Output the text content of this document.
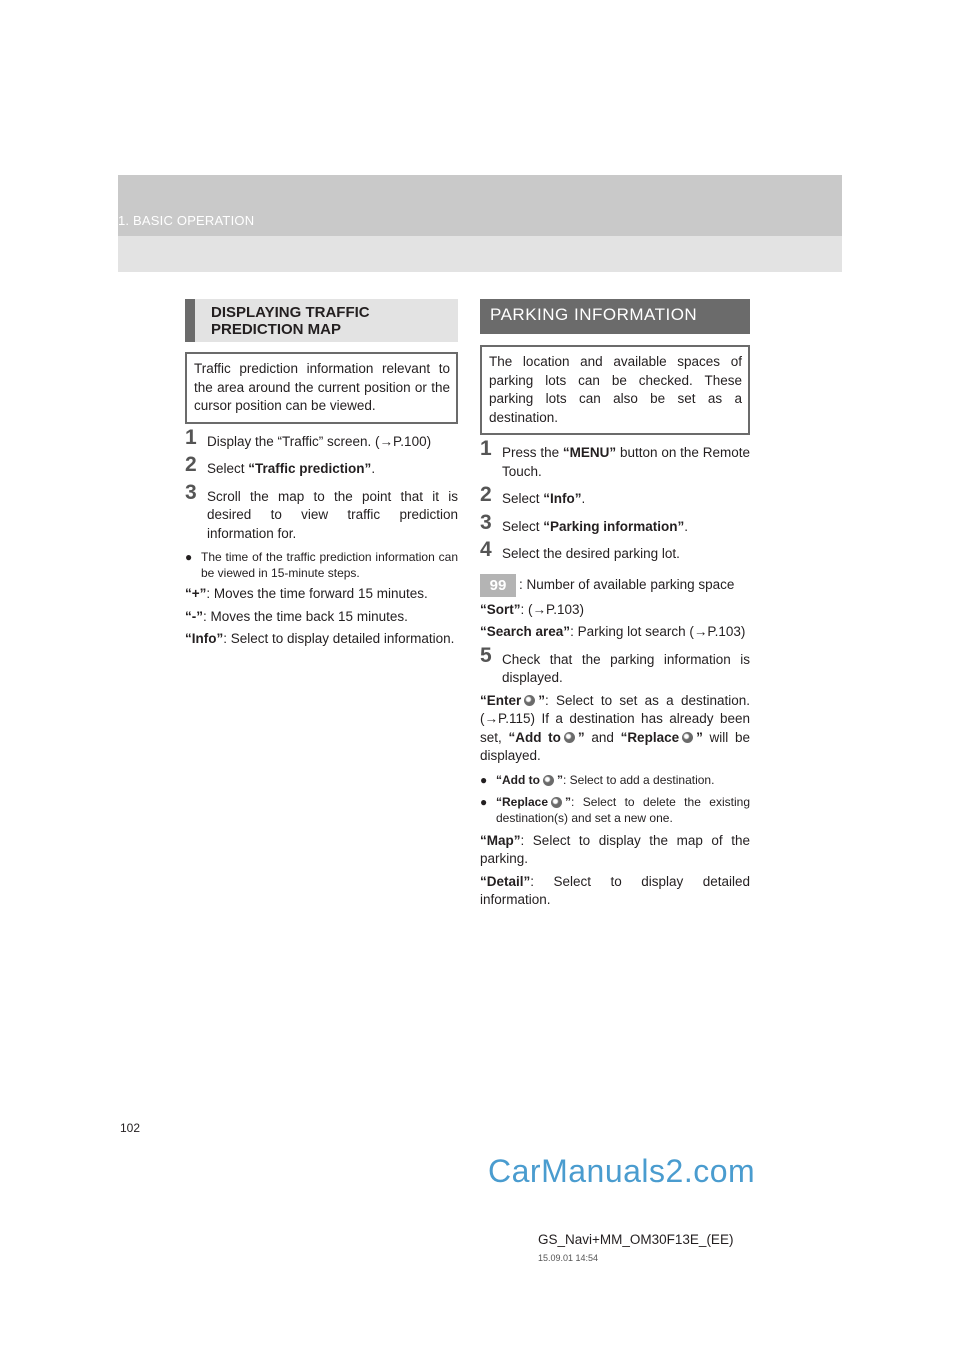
1. BASIC OPERATION
DISPLAYING TRAFFIC PREDICTION MAP
Traffic prediction information relevant to the area around the current position or the cursor position can be viewed.
1 Display the “Traffic” screen. (→P.100)
2 Select “Traffic prediction”.
3 Scroll the map to the point that it is desired to view traffic prediction information for.
● The time of the traffic prediction information can be viewed in 15-minute steps.
“+”: Moves the time forward 15 minutes.
“-”: Moves the time back 15 minutes.
“Info”: Select to display detailed information.
PARKING INFORMATION
The location and available spaces of parking lots can be checked. These parking lots can also be set as a destination.
1 Press the “MENU” button on the Remote Touch.
2 Select “Info”.
3 Select “Parking information”.
4 Select the desired parking lot.
99 : Number of available parking space
“Sort”: (→P.103)
“Search area”: Parking lot search (→P.103)
5 Check that the parking information is displayed.
“Enter ”: Select to set as a destination. (→P.115) If a destination has already been set, “Add to ” and “Replace ” will be displayed.
● “Add to ”: Select to add a destination.
● “Replace ”: Select to delete the existing destination(s) and set a new one.
“Map”: Select to display the map of the parking.
“Detail”: Select to display detailed information.
102
CarManuals2.com
GS_Navi+MM_OM30F13E_(EE)
15.09.01 14:54
